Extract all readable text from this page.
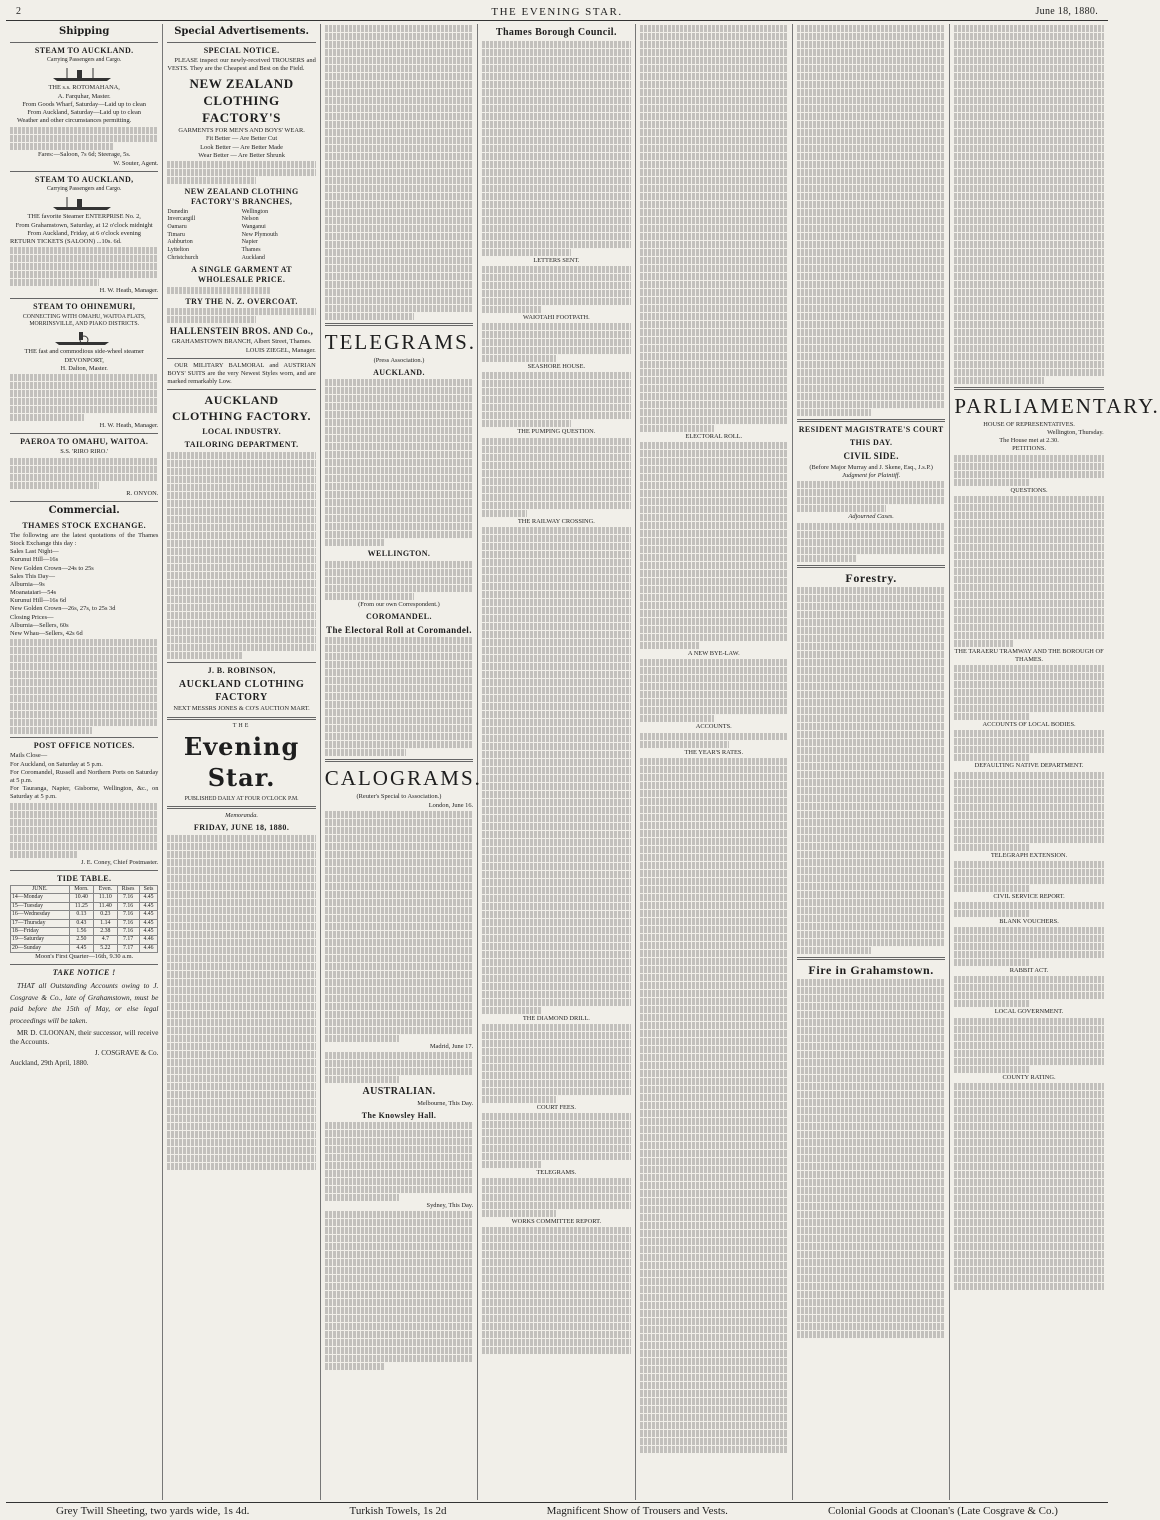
2	THE EVENING STAR.	June 18, 1880.
Shipping
STEAM TO AUCKLAND.
Carrying Passengers and Cargo.
THE s.s. ROTOMAHANA,
A. Farquhar, Master.
From Goods Wharf, Saturday—Laid up to clean
From Auckland, Saturday—Laid up to clean

Weather and other circumstances permitting.

Fares:—Saloon, 7s 6d; Steerage, 5s.
W. Souter, Agent.
STEAM TO AUCKLAND,
Carrying Passengers and Cargo.
THE favorite Steamer ENTERPRISE No. 2,
From Grahamstown, Saturday, at 12 o'clock midnight
From Auckland, Friday, at 6 o'clock evening
RETURN TICKETS (SALOON) ...10s. 6d.
H. W. Heath, Manager.
STEAM TO OHINEMURI,
CONNECTING WITH OMAHU, WAITOA FLATS, MORRINSVILLE, AND PIAKO DISTRICTS.
THE fast and commodious side-wheel steamer DEVONPORT,
H. Dalton, Master.
H. W. Heath, Manager.
PAEROA TO OMAHU, WAITOA.
S.S. 'RIRO RIRO.'
R. ONYON.
Commercial.
THAMES STOCK EXCHANGE.
The following are the latest quotations of the Thames Stock Exchange this day :
Sales Last Night—
Kurunui Hill—16s
New Golden Crown—24s to 25s
Sales This Day—
Alburnia—9s
Moanataiari—54s
Kurunui Hill—16s 6d
New Golden Crown—26s, 27s, to 25s 3d
Closing Prices—
Alburnia—Sellers, 60s
New Whau—Sellers, 42s 6d
POST OFFICE NOTICES.
Mails Close—
For Auckland, on Saturday at 5 p.m.
For Coromandel, Russell and Northern Ports on Saturday at 5 p.m.
For Tauranga, Napier, Gisborne, Wellington, &c., on Saturday at 5 p.m.
J. E. Coney, Chief Postmaster.
TIDE TABLE.
JUNE.	Morn.	Even.	Rises	Sets
14—Monday	10.40	11.10	7.16	4.45
15—Tuesday	11.25	11.40	7.16	4.45
16—Wednesday	0.13	0.23	7.16	4.45
17—Thursday	0.43	1.14	7.16	4.45
18—Friday	1.56	2.38	7.16	4.45
19—Saturday	2.50	4.7	7.17	4.46
20—Sunday	4.45	5.22	7.17	4.46
Moon's First Quarter—16th, 9.30 a.m.
TAKE NOTICE !

THAT all Outstanding Accounts owing to J. Cosgrave & Co., late of Grahamstown, must be paid before the 15th of May, or else legal proceedings will be taken.

MR D. CLOONAN, their successor, will receive the Accounts.

J. COSGRAVE & Co.
Auckland, 29th April, 1880.
Special Advertisements.
SPECIAL NOTICE.

PLEASE inspect our newly-received TROUSERS and VESTS. They are the Cheapest and Best on the Field.

NEW ZEALAND CLOTHING FACTORY'S
GARMENTS FOR MEN'S AND BOYS' WEAR.
Fit Better — Are Better Cut
Look Better — Are Better Made
Wear Better — Are Better Shrunk
NEW ZEALAND CLOTHING FACTORY'S BRANCHES,
Dunedin	Wellington
Invercargill	Nelson
Oamaru	Wanganui
Timaru	New Plymouth
Ashburton	Napier
Lyttelton	Thames
Christchurch	Auckland
A SINGLE GARMENT AT WHOLESALE PRICE.
TRY THE N. Z. OVERCOAT.
HALLENSTEIN BROS. AND Co.,
GRAHAMSTOWN BRANCH, Albert Street, Thames.
LOUIS ZIEGEL, Manager.

OUR MILITARY BALMORAL and AUSTRIAN BOYS' SUITS are the very Newest Styles worn, and are marked remarkably Low.

AUCKLAND CLOTHING FACTORY.
LOCAL INDUSTRY.
TAILORING DEPARTMENT.
J. B. ROBINSON,
AUCKLAND CLOTHING FACTORY
NEXT MESSRS JONES & CO'S AUCTION MART.
THE
Evening Star.
PUBLISHED DAILY AT FOUR O'CLOCK P.M.
Memoranda.
FRIDAY, JUNE 18, 1880.
TELEGRAMS.
(Press Association.)
AUCKLAND.
WELLINGTON.
(From our own Correspondent.)
COROMANDEL.
The Electoral Roll at Coromandel.
CALOGRAMS.
(Reuter's Special to Association.)
London, June 16.
Madrid, June 17.
AUSTRALIAN.
Melbourne, This Day.
The Knowsley Hall.
Sydney, This Day.
Thames Borough Council.
LETTERS SENT.
WAIOTAHI FOOTPATH.
SEASHORE HOUSE.
THE PUMPING QUESTION.
THE RAILWAY CROSSING.
THE DIAMOND DRILL.
COURT FEES.
TELEGRAMS.
WORKS COMMITTEE REPORT.
ELECTORAL ROLL.
A NEW BYE-LAW.
ACCOUNTS.
THE YEAR'S RATES.
RESIDENT MAGISTRATE'S COURT
THIS DAY.
CIVIL SIDE.
(Before Major Murray and J. Skene, Esq., J.s.P.)
Judgment for Plaintiff.
Adjourned Cases.
Forestry.
Fire in Grahamstown.
PARLIAMENTARY.
HOUSE OF REPRESENTATIVES.
Wellington, Thursday.
The House met at 2.30.
PETITIONS.
QUESTIONS.
THE TARAERU TRAMWAY AND THE BOROUGH OF THAMES.
ACCOUNTS OF LOCAL BODIES.
DEFAULTING NATIVE DEPARTMENT.
TELEGRAPH EXTENSION.
CIVIL SERVICE REPORT.
BLANK VOUCHERS.
RABBIT ACT.
LOCAL GOVERNMENT.
COUNTY RATING.
Grey Twill Sheeting, two yards wide, 1s 4d.	Turkish Towels, 1s 2d	Magnificent Show of Trousers and Vests.	Colonial Goods at Cloonan's (Late Cosgrave & Co.)
